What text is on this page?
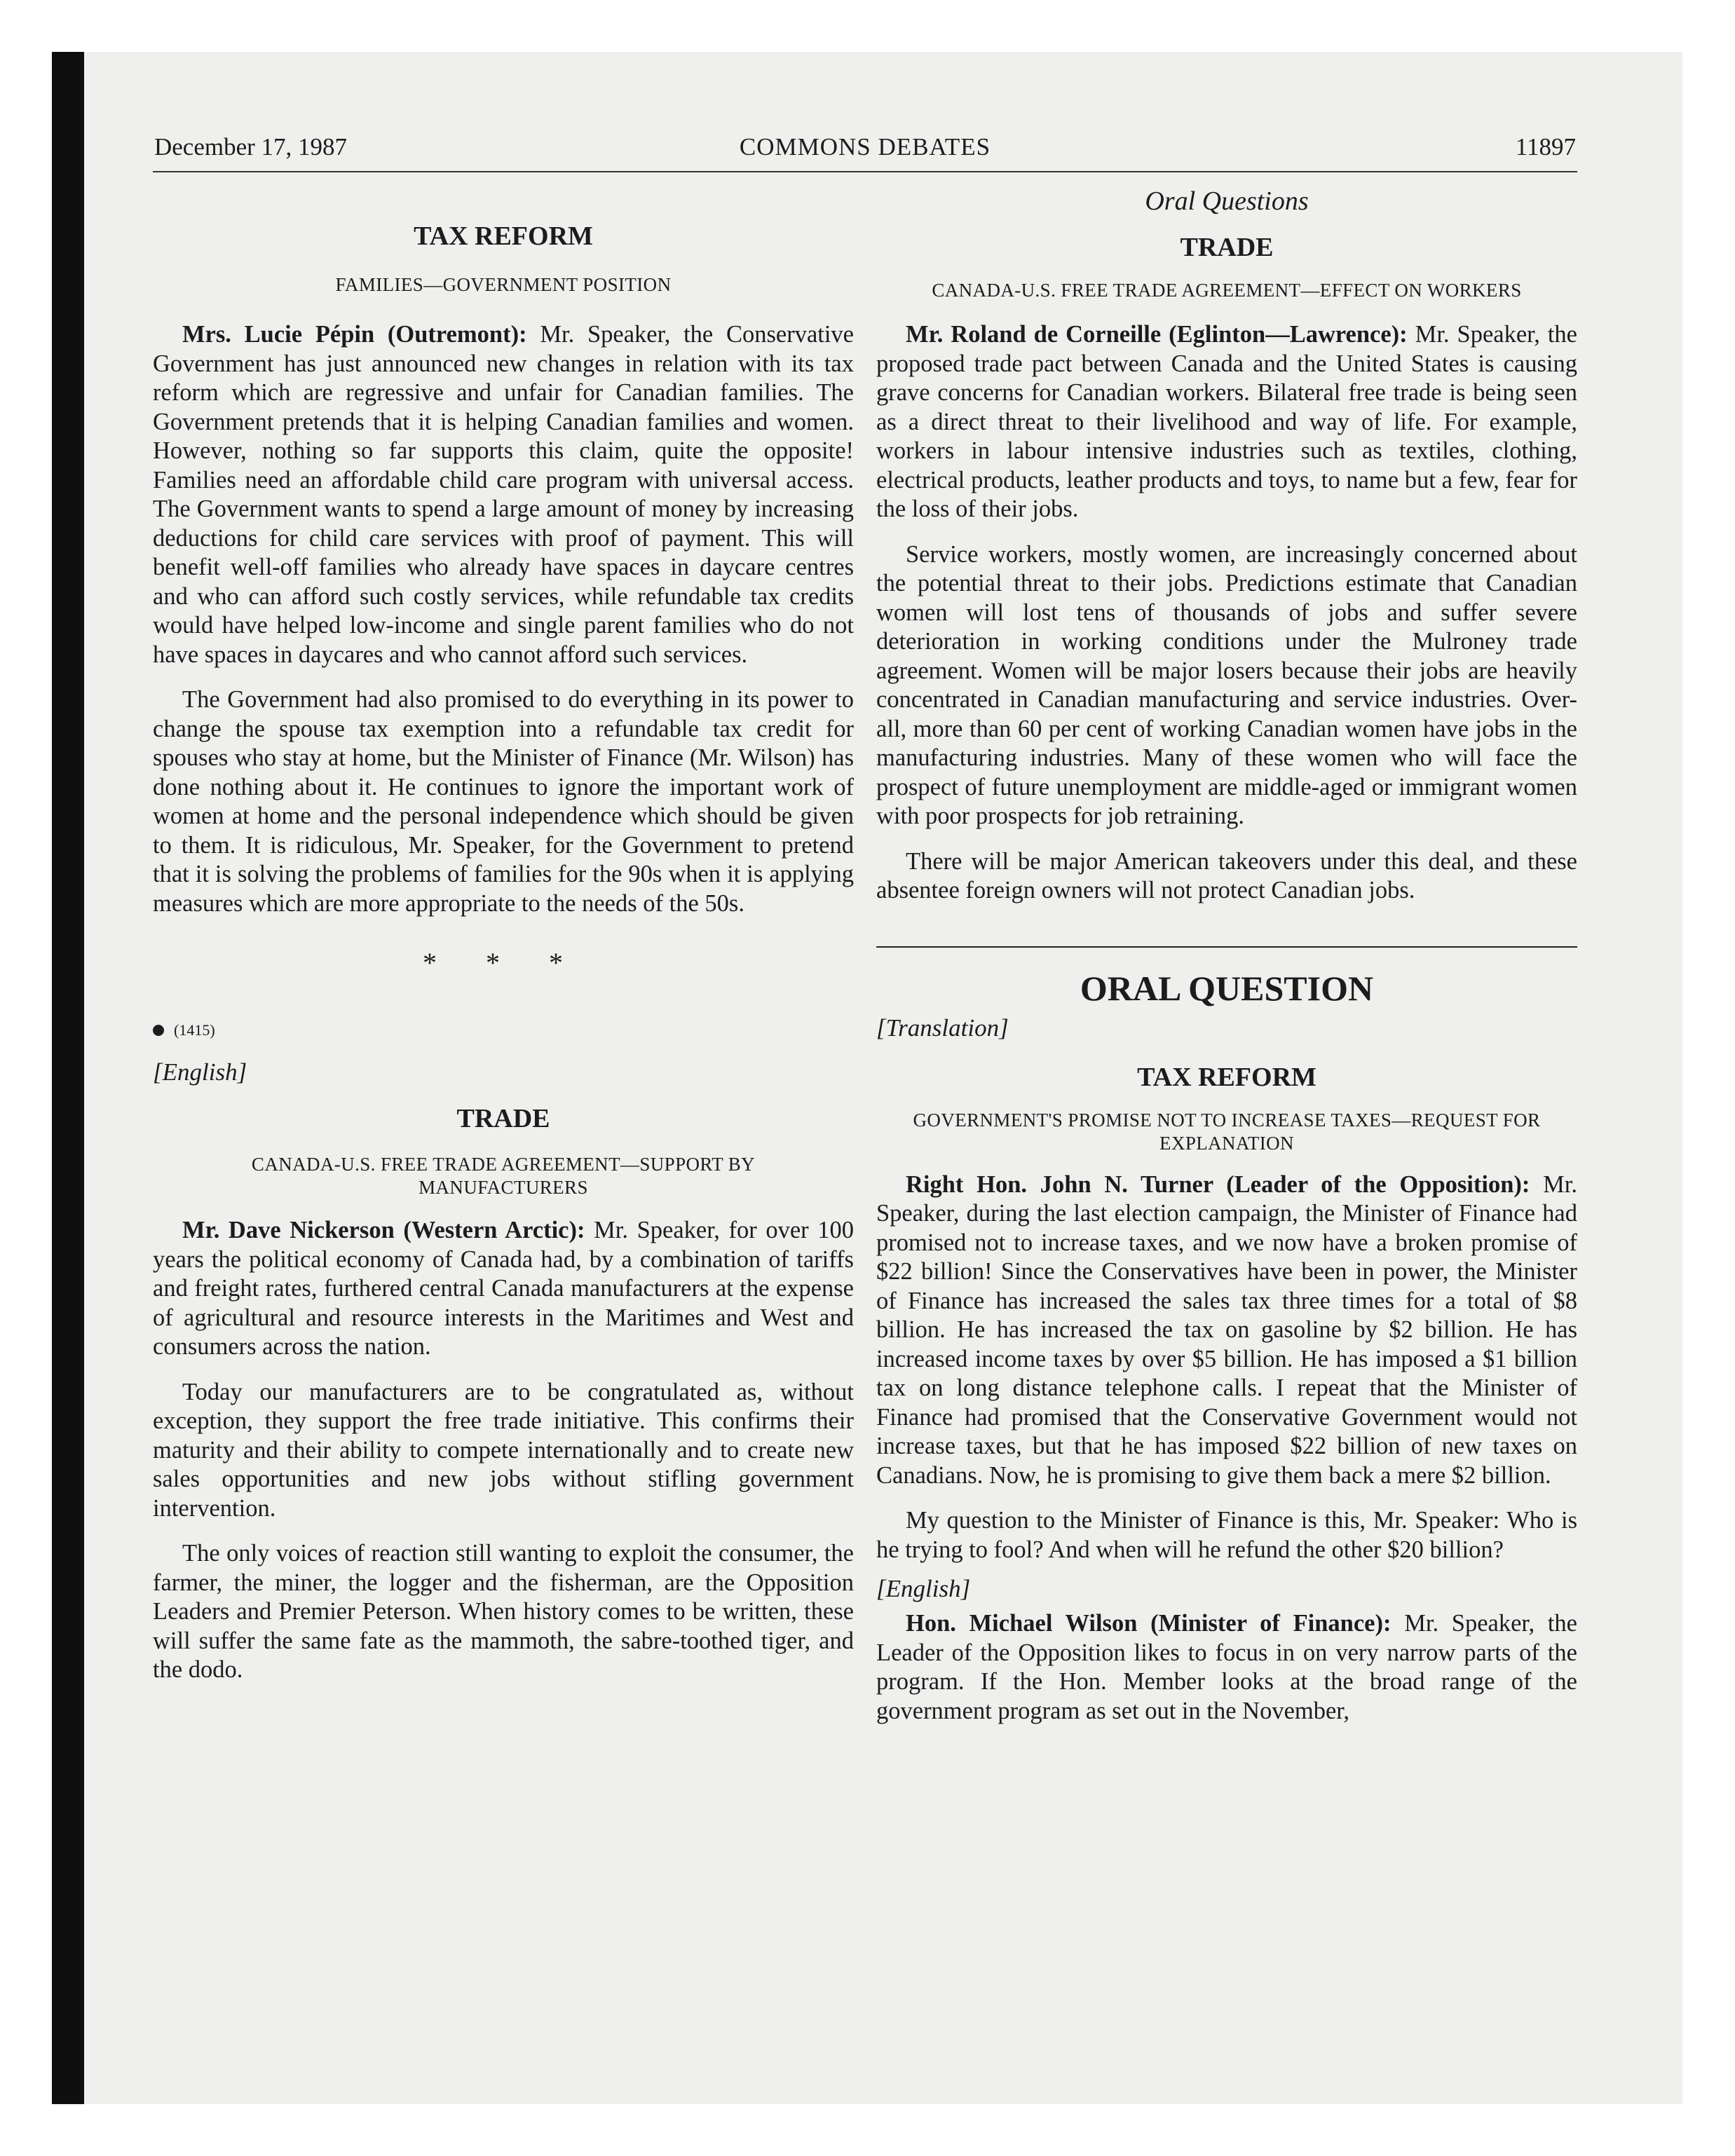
December 17, 1987	COMMONS DEBATES	11897
TAX REFORM
FAMILIES—GOVERNMENT POSITION

Mrs. Lucie Pépin (Outremont): Mr. Speaker, the Conservative Government has just announced new changes in relation with its tax reform which are regressive and unfair for Canadian families. The Government pretends that it is helping Canadian families and women. However, nothing so far supports this claim, quite the opposite! Families need an affordable child care program with universal access. The Government wants to spend a large amount of money by increasing deductions for child care services with proof of payment. This will benefit well-off families who already have spaces in daycare centres and who can afford such costly services, while refundable tax credits would have helped low-income and single parent families who do not have spaces in daycares and who cannot afford such services.

The Government had also promised to do everything in its power to change the spouse tax exemption into a refundable tax credit for spouses who stay at home, but the Minister of Finance (Mr. Wilson) has done nothing about it. He continues to ignore the important work of women at home and the personal independence which should be given to them. It is ridiculous, Mr. Speaker, for the Government to pretend that it is solving the problems of families for the 90s when it is applying measures which are more appropriate to the needs of the 50s.

* * *
(1415)
[English]
TRADE
CANADA-U.S. FREE TRADE AGREEMENT—SUPPORT BY MANUFACTURERS

Mr. Dave Nickerson (Western Arctic): Mr. Speaker, for over 100 years the political economy of Canada had, by a combination of tariffs and freight rates, furthered central Canada manufacturers at the expense of agricultural and resource interests in the Maritimes and West and consumers across the nation.

Today our manufacturers are to be congratulated as, without exception, they support the free trade initiative. This confirms their maturity and their ability to compete internationally and to create new sales opportunities and new jobs without stifling government intervention.

The only voices of reaction still wanting to exploit the consumer, the farmer, the miner, the logger and the fisherman, are the Opposition Leaders and Premier Peterson. When history comes to be written, these will suffer the same fate as the mammoth, the sabre-toothed tiger, and the dodo.

Oral Questions
TRADE
CANADA-U.S. FREE TRADE AGREEMENT—EFFECT ON WORKERS

Mr. Roland de Corneille (Eglinton—Lawrence): Mr. Speaker, the proposed trade pact between Canada and the United States is causing grave concerns for Canadian workers. Bilateral free trade is being seen as a direct threat to their livelihood and way of life. For example, workers in labour intensive industries such as textiles, clothing, electrical products, leather products and toys, to name but a few, fear for the loss of their jobs.

Service workers, mostly women, are increasingly concerned about the potential threat to their jobs. Predictions estimate that Canadian women will lost tens of thousands of jobs and suffer severe deterioration in working conditions under the Mulroney trade agreement. Women will be major losers because their jobs are heavily concentrated in Canadian manufacturing and service industries. Over-all, more than 60 per cent of working Canadian women have jobs in the manufacturing industries. Many of these women who will face the prospect of future unemployment are middle-aged or immigrant women with poor prospects for job retraining.

There will be major American takeovers under this deal, and these absentee foreign owners will not protect Canadian jobs.

ORAL QUESTION
[Translation]
TAX REFORM
GOVERNMENT'S PROMISE NOT TO INCREASE TAXES—REQUEST FOR EXPLANATION

Right Hon. John N. Turner (Leader of the Opposition): Mr. Speaker, during the last election campaign, the Minister of Finance had promised not to increase taxes, and we now have a broken promise of $22 billion! Since the Conservatives have been in power, the Minister of Finance has increased the sales tax three times for a total of $8 billion. He has increased the tax on gasoline by $2 billion. He has increased income taxes by over $5 billion. He has imposed a $1 billion tax on long distance telephone calls. I repeat that the Minister of Finance had promised that the Conservative Government would not increase taxes, but that he has imposed $22 billion of new taxes on Canadians. Now, he is promising to give them back a mere $2 billion.

My question to the Minister of Finance is this, Mr. Speaker: Who is he trying to fool? And when will he refund the other $20 billion?

[English]

Hon. Michael Wilson (Minister of Finance): Mr. Speaker, the Leader of the Opposition likes to focus in on very narrow parts of the program. If the Hon. Member looks at the broad range of the government program as set out in the November,
